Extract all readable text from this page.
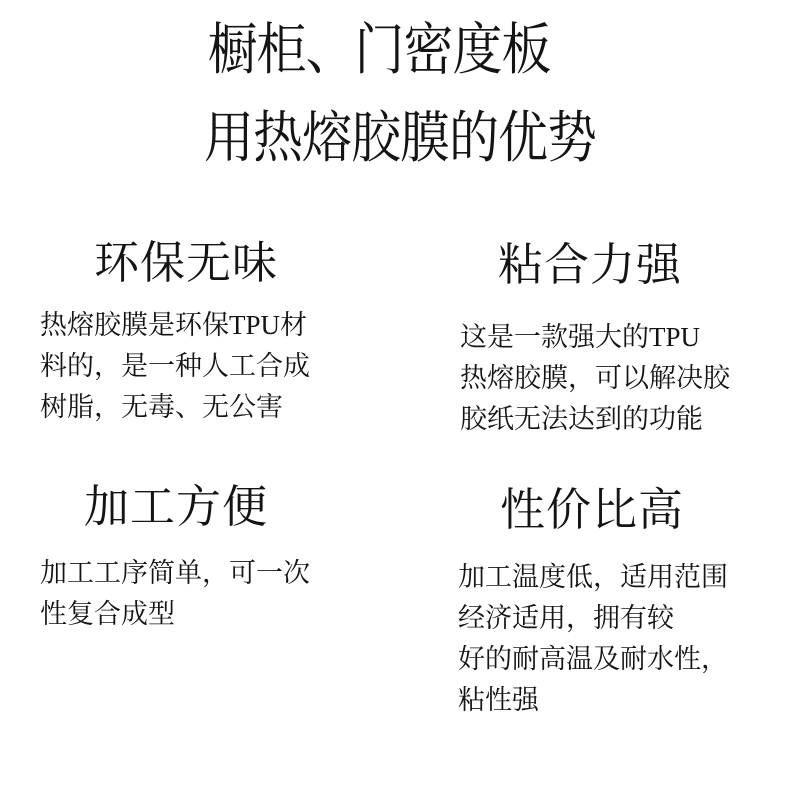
橱柜、门密度板
用热熔胶膜的优势
环保无味
热熔胶膜是环保TPU材
料的，是一种人工合成
树脂，无毒、无公害
粘合力强
这是一款强大的TPU
热熔胶膜，可以解决胶
胶纸无法达到的功能
加工方便
加工工序简单，可一次
性复合成型
性价比高
加工温度低，适用范围
经济适用，拥有较
好的耐高温及耐水性，
粘性强
